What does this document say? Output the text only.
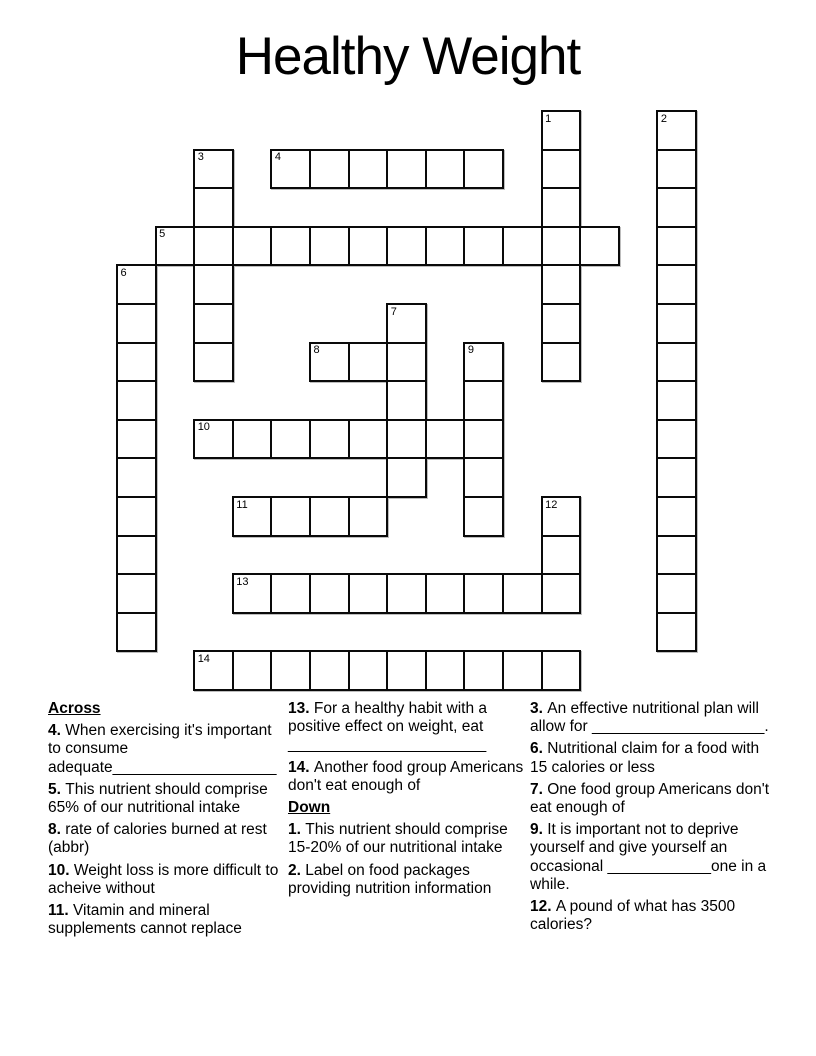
Healthy Weight
1	2
3	4
5
6
7
8	9
10
11	12
13
14
Across

4. When exercising it's important to consume adequate___________________

5. This nutrient should comprise 65% of our nutritional intake

8. rate of calories burned at rest (abbr)

10. Weight loss is more difficult to acheive without

11. Vitamin and mineral supplements cannot replace

13. For a healthy habit with a positive effect on weight, eat _______________________

14. Another food group Americans don't eat enough of

Down

1. This nutrient should comprise 15-20% of our nutritional intake

2. Label on food packages providing nutrition information

3. An effective nutritional plan will allow for ____________________.

6. Nutritional claim for a food with 15 calories or less

7. One food group Americans don't eat enough of

9. It is important not to deprive yourself and give yourself an occasional ____________one in a while.

12. A pound of what has 3500 calories?
